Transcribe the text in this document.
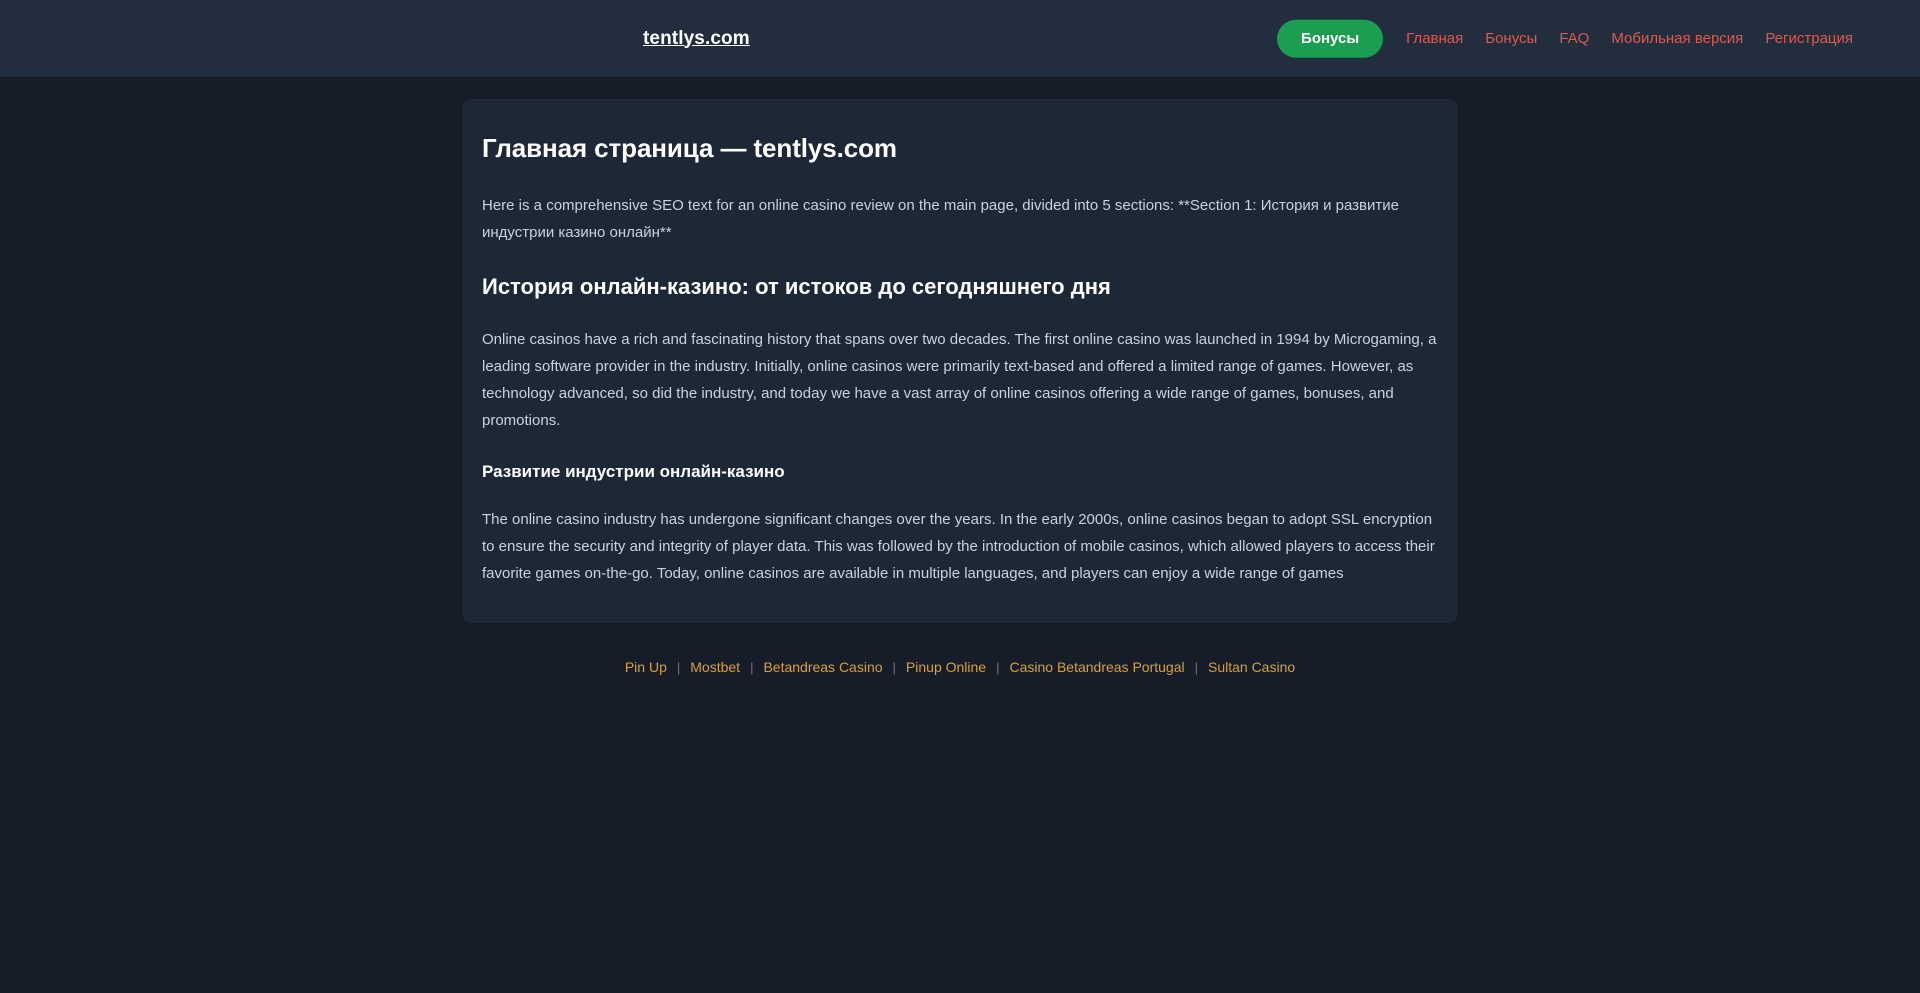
tentlys.com	Бонусы	Главная	Бонусы	FAQ	Мобильная версия	Регистрация
Главная страница — tentlys.com

Here is a comprehensive SEO text for an online casino review on the main page, divided into 5 sections: **Section 1: История и развитие индустрии казино онлайн**

История онлайн-казино: от истоков до сегодняшнего дня

Online casinos have a rich and fascinating history that spans over two decades. The first online casino was launched in 1994 by Microgaming, a leading software provider in the industry. Initially, online casinos were primarily text-based and offered a limited range of games. However, as technology advanced, so did the industry, and today we have a vast array of online casinos offering a wide range of games, bonuses, and promotions.

Развитие индустрии онлайн-казино

The online casino industry has undergone significant changes over the years. In the early 2000s, online casinos began to adopt SSL encryption to ensure the security and integrity of player data. This was followed by the introduction of mobile casinos, which allowed players to access their favorite games on-the-go. Today, online casinos are available in multiple languages, and players can enjoy a wide range of games

Pin Up | Mostbet | Betandreas Casino | Pinup Online | Casino Betandreas Portugal | Sultan Casino
